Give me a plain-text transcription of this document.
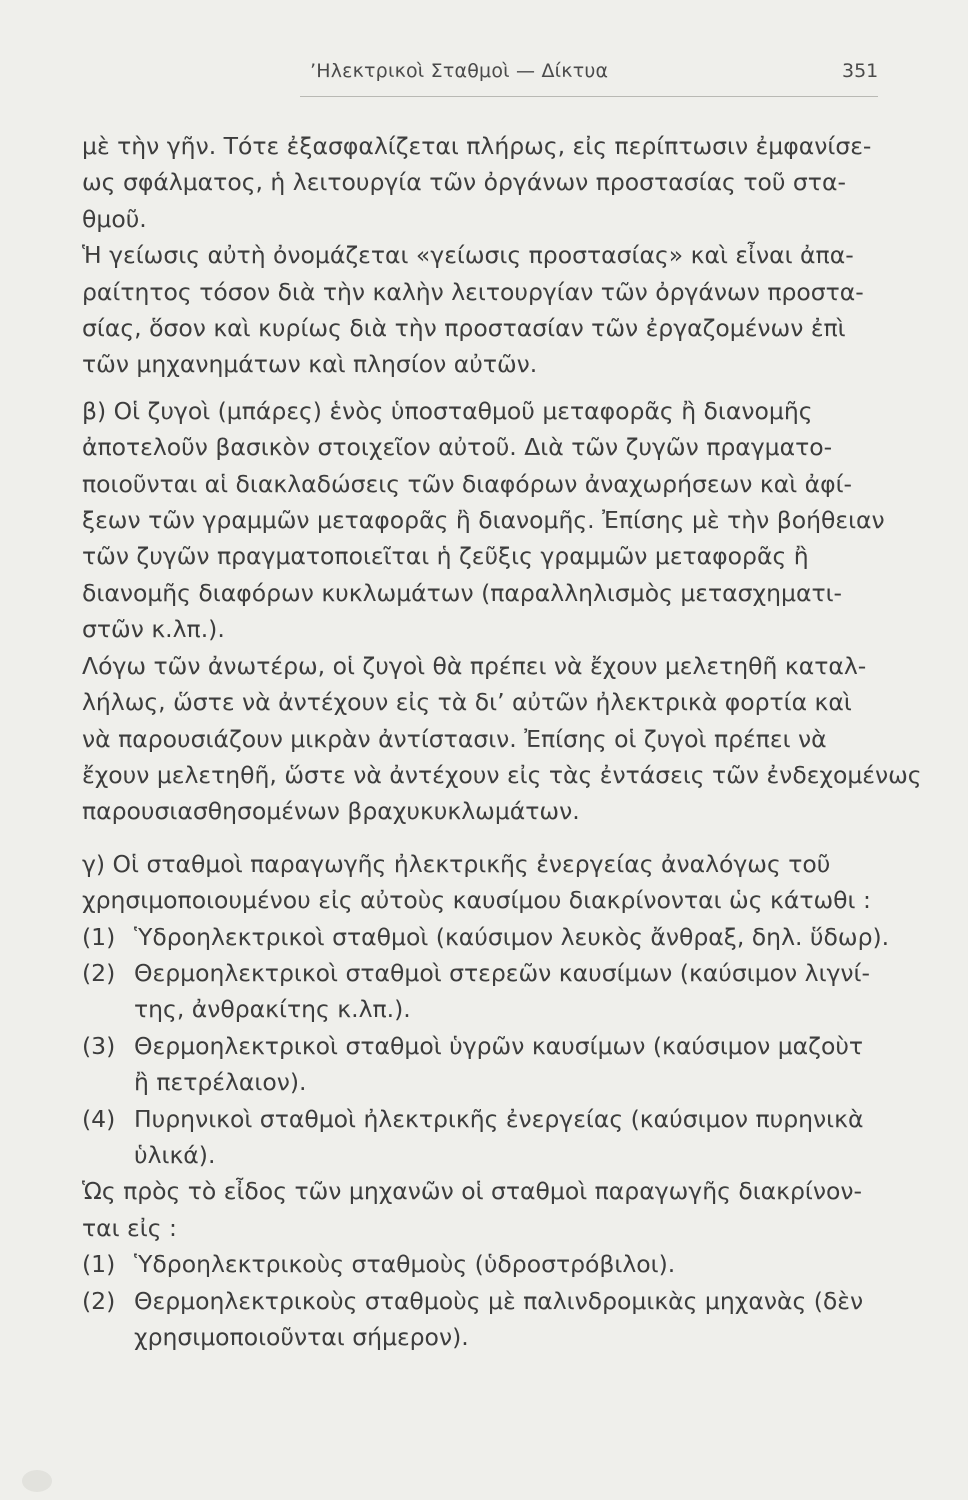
’Ηλεκτρικοὶ Σταθμοὶ — Δίκτυα	351

μὲ τὴν γῆν. Τότε ἐξασφαλίζεται πλήρως, εἰς περίπτωσιν ἐμφανίσε-
ως σφάλματος, ἡ λειτουργία τῶν ὀργάνων προστασίας τοῦ στα-
θμοῦ.

Ἡ γείωσις αὐτὴ ὀνομάζεται «γείωσις προστασίας» καὶ εἶναι ἀπα-
ραίτητος τόσον διὰ τὴν καλὴν λειτουργίαν τῶν ὀργάνων προστα-
σίας, ὅσον καὶ κυρίως διὰ τὴν προστασίαν τῶν ἐργαζομένων ἐπὶ
τῶν μηχανημάτων καὶ πλησίον αὐτῶν.

β) Οἱ ζυγοὶ (μπάρες) ἑνὸς ὑποσταθμοῦ μεταφορᾶς ἢ διανομῆς
ἀποτελοῦν βασικὸν στοιχεῖον αὐτοῦ. Διὰ τῶν ζυγῶν πραγματο-
ποιοῦνται αἱ διακλαδώσεις τῶν διαφόρων ἀναχωρήσεων καὶ ἀφί-
ξεων τῶν γραμμῶν μεταφορᾶς ἢ διανομῆς. Ἐπίσης μὲ τὴν βοήθειαν
τῶν ζυγῶν πραγματοποιεῖται ἡ ζεῦξις γραμμῶν μεταφορᾶς ἢ
διανομῆς διαφόρων κυκλωμάτων (παραλληλισμὸς μετασχηματι-
στῶν κ.λπ.).

Λόγω τῶν ἀνωτέρω, οἱ ζυγοὶ θὰ πρέπει νὰ ἔχουν μελετηθῆ καταλ-
λήλως, ὥστε νὰ ἀντέχουν εἰς τὰ δι’ αὐτῶν ἠλεκτρικὰ φορτία καὶ
νὰ παρουσιάζουν μικρὰν ἀντίστασιν. Ἐπίσης οἱ ζυγοὶ πρέπει νὰ
ἔχουν μελετηθῆ, ὥστε νὰ ἀντέχουν εἰς τὰς ἐντάσεις τῶν ἐνδεχομένως
παρουσιασθησομένων βραχυκυκλωμάτων.

γ) Οἱ σταθμοὶ παραγωγῆς ἠλεκτρικῆς ἐνεργείας ἀναλόγως τοῦ
χρησιμοποιουμένου εἰς αὐτοὺς καυσίμου διακρίνονται ὡς κάτωθι :

(1) Ὑδροηλεκτρικοὶ σταθμοὶ (καύσιμον λευκὸς ἄνθραξ, δηλ. ὕδωρ).
(2) Θερμοηλεκτρικοὶ σταθμοὶ στερεῶν καυσίμων (καύσιμον λιγνί-
της, ἀνθρακίτης κ.λπ.).
(3) Θερμοηλεκτρικοὶ σταθμοὶ ὑγρῶν καυσίμων (καύσιμον μαζοὺτ
ἢ πετρέλαιον).
(4) Πυρηνικοὶ σταθμοὶ ἠλεκτρικῆς ἐνεργείας (καύσιμον πυρηνικὰ
ὑλικά).

Ὡς πρὸς τὸ εἶδος τῶν μηχανῶν οἱ σταθμοὶ παραγωγῆς διακρίνον-
ται εἰς :

(1) Ὑδροηλεκτρικοὺς σταθμοὺς (ὑδροστρόβιλοι).
(2) Θερμοηλεκτρικοὺς σταθμοὺς μὲ παλινδρομικὰς μηχανὰς (δὲν
χρησιμοποιοῦνται σήμερον).
